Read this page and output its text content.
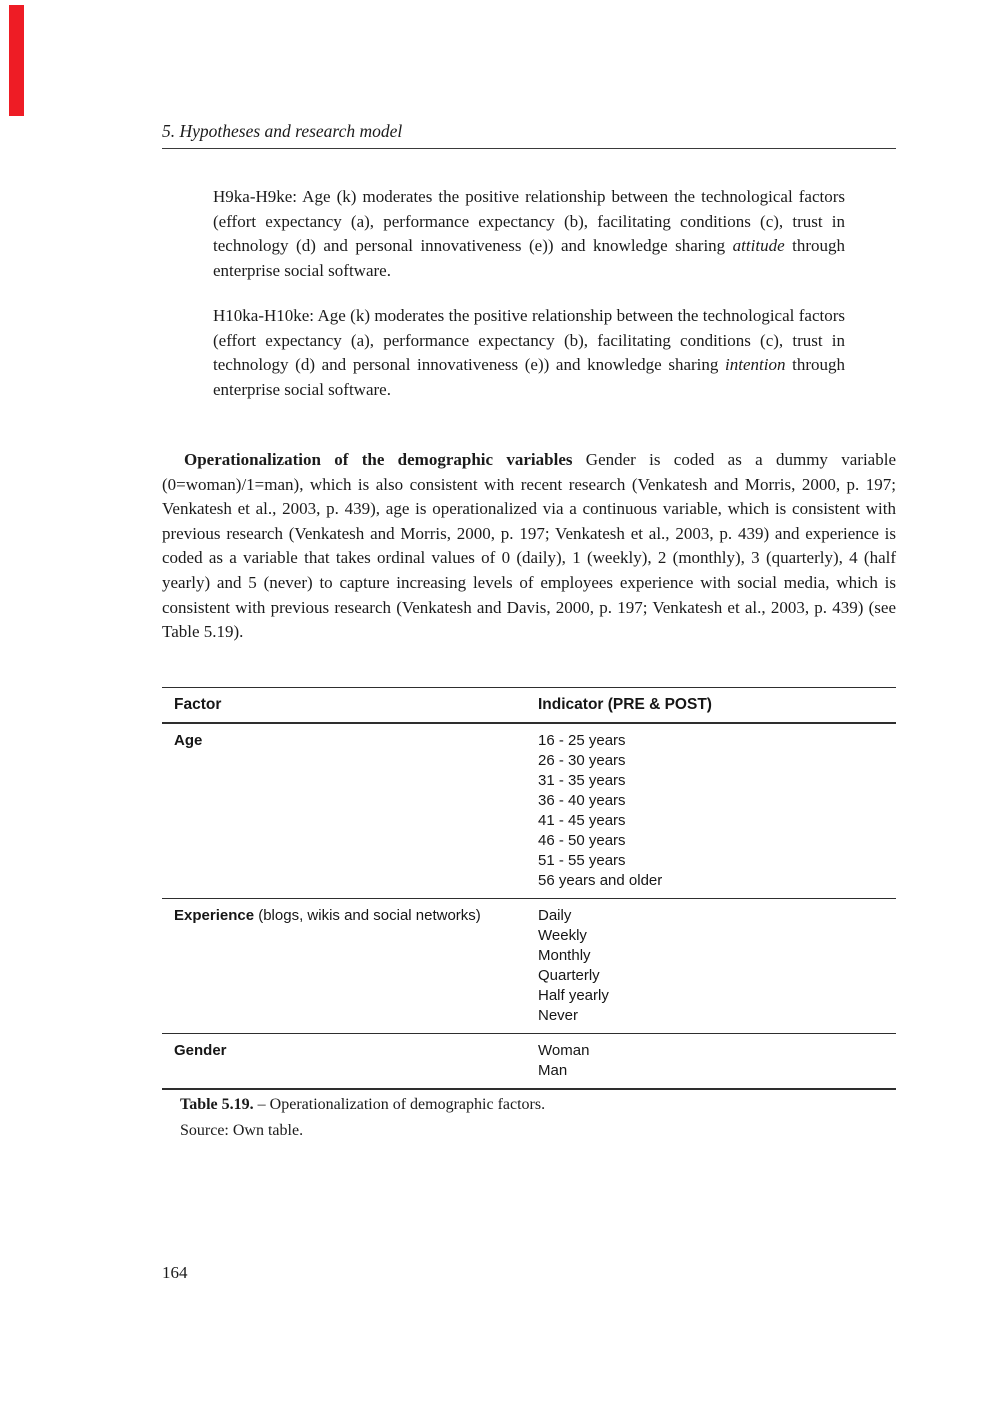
5. Hypotheses and research model

H9ka-H9ke: Age (k) moderates the positive relationship between the technological factors (effort expectancy (a), performance expectancy (b), facilitating conditions (c), trust in technology (d) and personal innovativeness (e)) and knowledge sharing attitude through enterprise social software.

H10ka-H10ke: Age (k) moderates the positive relationship between the technological factors (effort expectancy (a), performance expectancy (b), facilitating conditions (c), trust in technology (d) and personal innovativeness (e)) and knowledge sharing intention through enterprise social software.

Operationalization of the demographic variables Gender is coded as a dummy variable (0=woman)/1=man), which is also consistent with recent research (Venkatesh and Morris, 2000, p. 197; Venkatesh et al., 2003, p. 439), age is operationalized via a continuous variable, which is consistent with previous research (Venkatesh and Morris, 2000, p. 197; Venkatesh et al., 2003, p. 439) and experience is coded as a variable that takes ordinal values of 0 (daily), 1 (weekly), 2 (monthly), 3 (quarterly), 4 (half yearly) and 5 (never) to capture increasing levels of employees experience with social media, which is consistent with previous research (Venkatesh and Davis, 2000, p. 197; Venkatesh et al., 2003, p. 439) (see Table 5.19).

Factor	Indicator (PRE & POST)
Age	16 - 25 years
26 - 30 years
31 - 35 years
36 - 40 years
41 - 45 years
46 - 50 years
51 - 55 years
56 years and older
Experience (blogs, wikis and social networks)	Daily
Weekly
Monthly
Quarterly
Half yearly
Never
Gender	Woman
Man
Table 5.19. – Operationalization of demographic factors.
Source: Own table.
164
